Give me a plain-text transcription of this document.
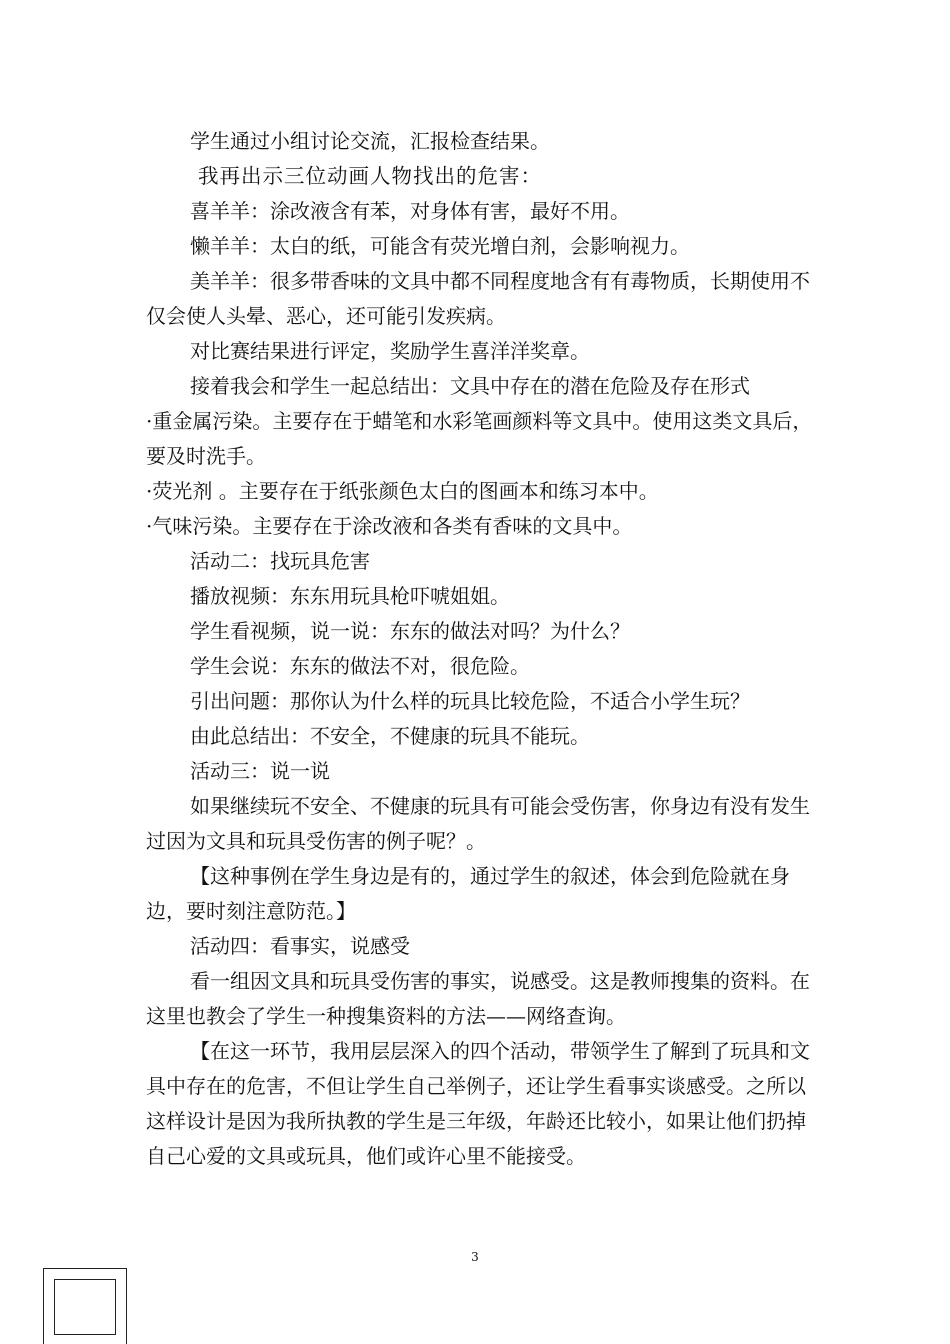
学生通过小组讨论交流，汇报检查结果。

我再出示三位动画人物找出的危害：

喜羊羊：涂改液含有苯，对身体有害，最好不用。

懒羊羊：太白的纸，可能含有荧光增白剂，会影响视力。

美羊羊：很多带香味的文具中都不同程度地含有有毒物质，长期使用不仅会使人头晕、恶心，还可能引发疾病。

对比赛结果进行评定，奖励学生喜洋洋奖章。

接着我会和学生一起总结出：文具中存在的潜在危险及存在形式

·重金属污染。主要存在于蜡笔和水彩笔画颜料等文具中。使用这类文具后，要及时洗手。

·荧光剂 。主要存在于纸张颜色太白的图画本和练习本中。

·气味污染。主要存在于涂改液和各类有香味的文具中。

活动二：找玩具危害

播放视频：东东用玩具枪吓唬姐姐。

学生看视频，说一说：东东的做法对吗？为什么？

学生会说：东东的做法不对，很危险。

引出问题：那你认为什么样的玩具比较危险，不适合小学生玩？

由此总结出：不安全，不健康的玩具不能玩。

活动三：说一说

如果继续玩不安全、不健康的玩具有可能会受伤害，你身边有没有发生过因为文具和玩具受伤害的例子呢？。

【这种事例在学生身边是有的，通过学生的叙述，体会到危险就在身边，要时刻注意防范。】

活动四：看事实，说感受

看一组因文具和玩具受伤害的事实，说感受。这是教师搜集的资料。在这里也教会了学生一种搜集资料的方法——网络查询。

【在这一环节，我用层层深入的四个活动，带领学生了解到了玩具和文具中存在的危害，不但让学生自己举例子，还让学生看事实谈感受。之所以这样设计是因为我所执教的学生是三年级，年龄还比较小，如果让他们扔掉自己心爱的文具或玩具，他们或许心里不能接受。

3
